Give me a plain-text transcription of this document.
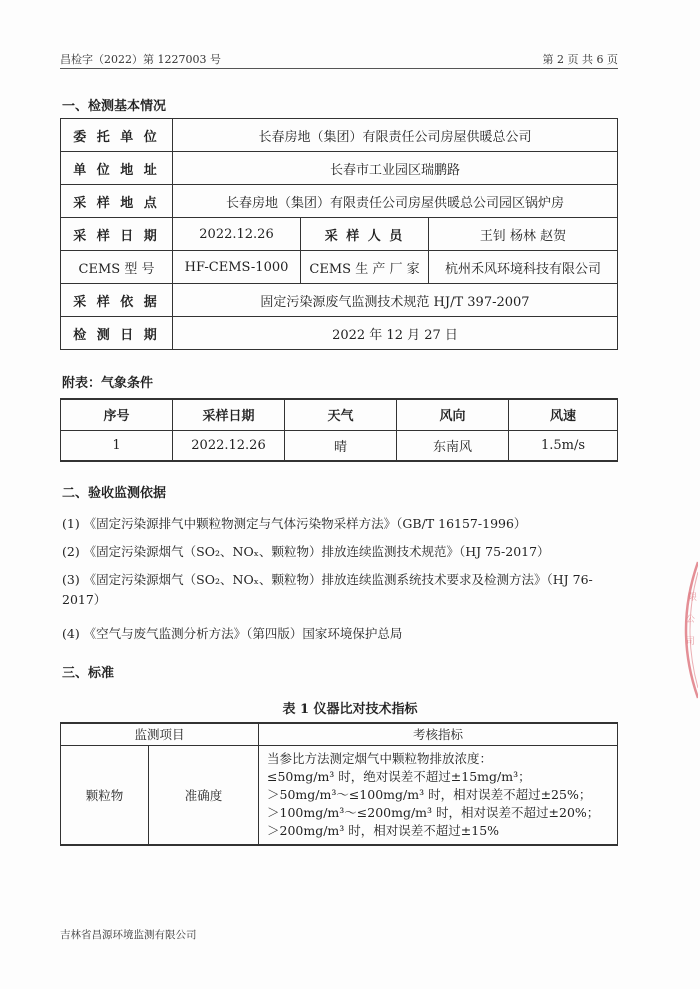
昌检字（2022）第 1227003 号	第 2 页 共 6 页
一、检测基本情况
委 托 单 位	长春房地（集团）有限责任公司房屋供暖总公司		
单 位 地 址	长春市工业园区瑞鹏路		
采 样 地 点	长春房地（集团）有限责任公司房屋供暖总公司园区锅炉房		
采 样 日 期	2022.12.26	采 样 人 员	王钊 杨林 赵贺
CEMS 型 号	HF-CEMS-1000	CEMS 生 产 厂 家	杭州禾风环境科技有限公司
采 样 依 据	固定污染源废气监测技术规范 HJ/T 397-2007		
检 测 日 期	2022 年 12 月 27 日		
附表：气象条件
序号	采样日期	天气	风向	风速
1	2022.12.26	晴	东南风	1.5m/s
二、验收监测依据
(1) 《固定污染源排气中颗粒物测定与气体污染物采样方法》（GB/T 16157-1996）
(2) 《固定污染源烟气（SO₂、NOₓ、颗粒物）排放连续监测技术规范》（HJ 75-2017）
(3) 《固定污染源烟气（SO₂、NOₓ、颗粒物）排放连续监测系统技术要求及检测方法》（HJ 76-2017）
(4) 《空气与废气监测分析方法》（第四版）国家环境保护总局
三、标准
表 1 仪器比对技术指标
监测项目		考核指标
颗粒物	准确度	当参比方法测定烟气中颗粒物排放浓度：
≤50mg/m³ 时，绝对误差不超过±15mg/m³；
＞50mg/m³～≤100mg/m³ 时，相对误差不超过±25%；
＞100mg/m³～≤200mg/m³ 时，相对误差不超过±20%；
＞200mg/m³ 时，相对误差不超过±15%
吉林省昌源环境监测有限公司
限
公
司
